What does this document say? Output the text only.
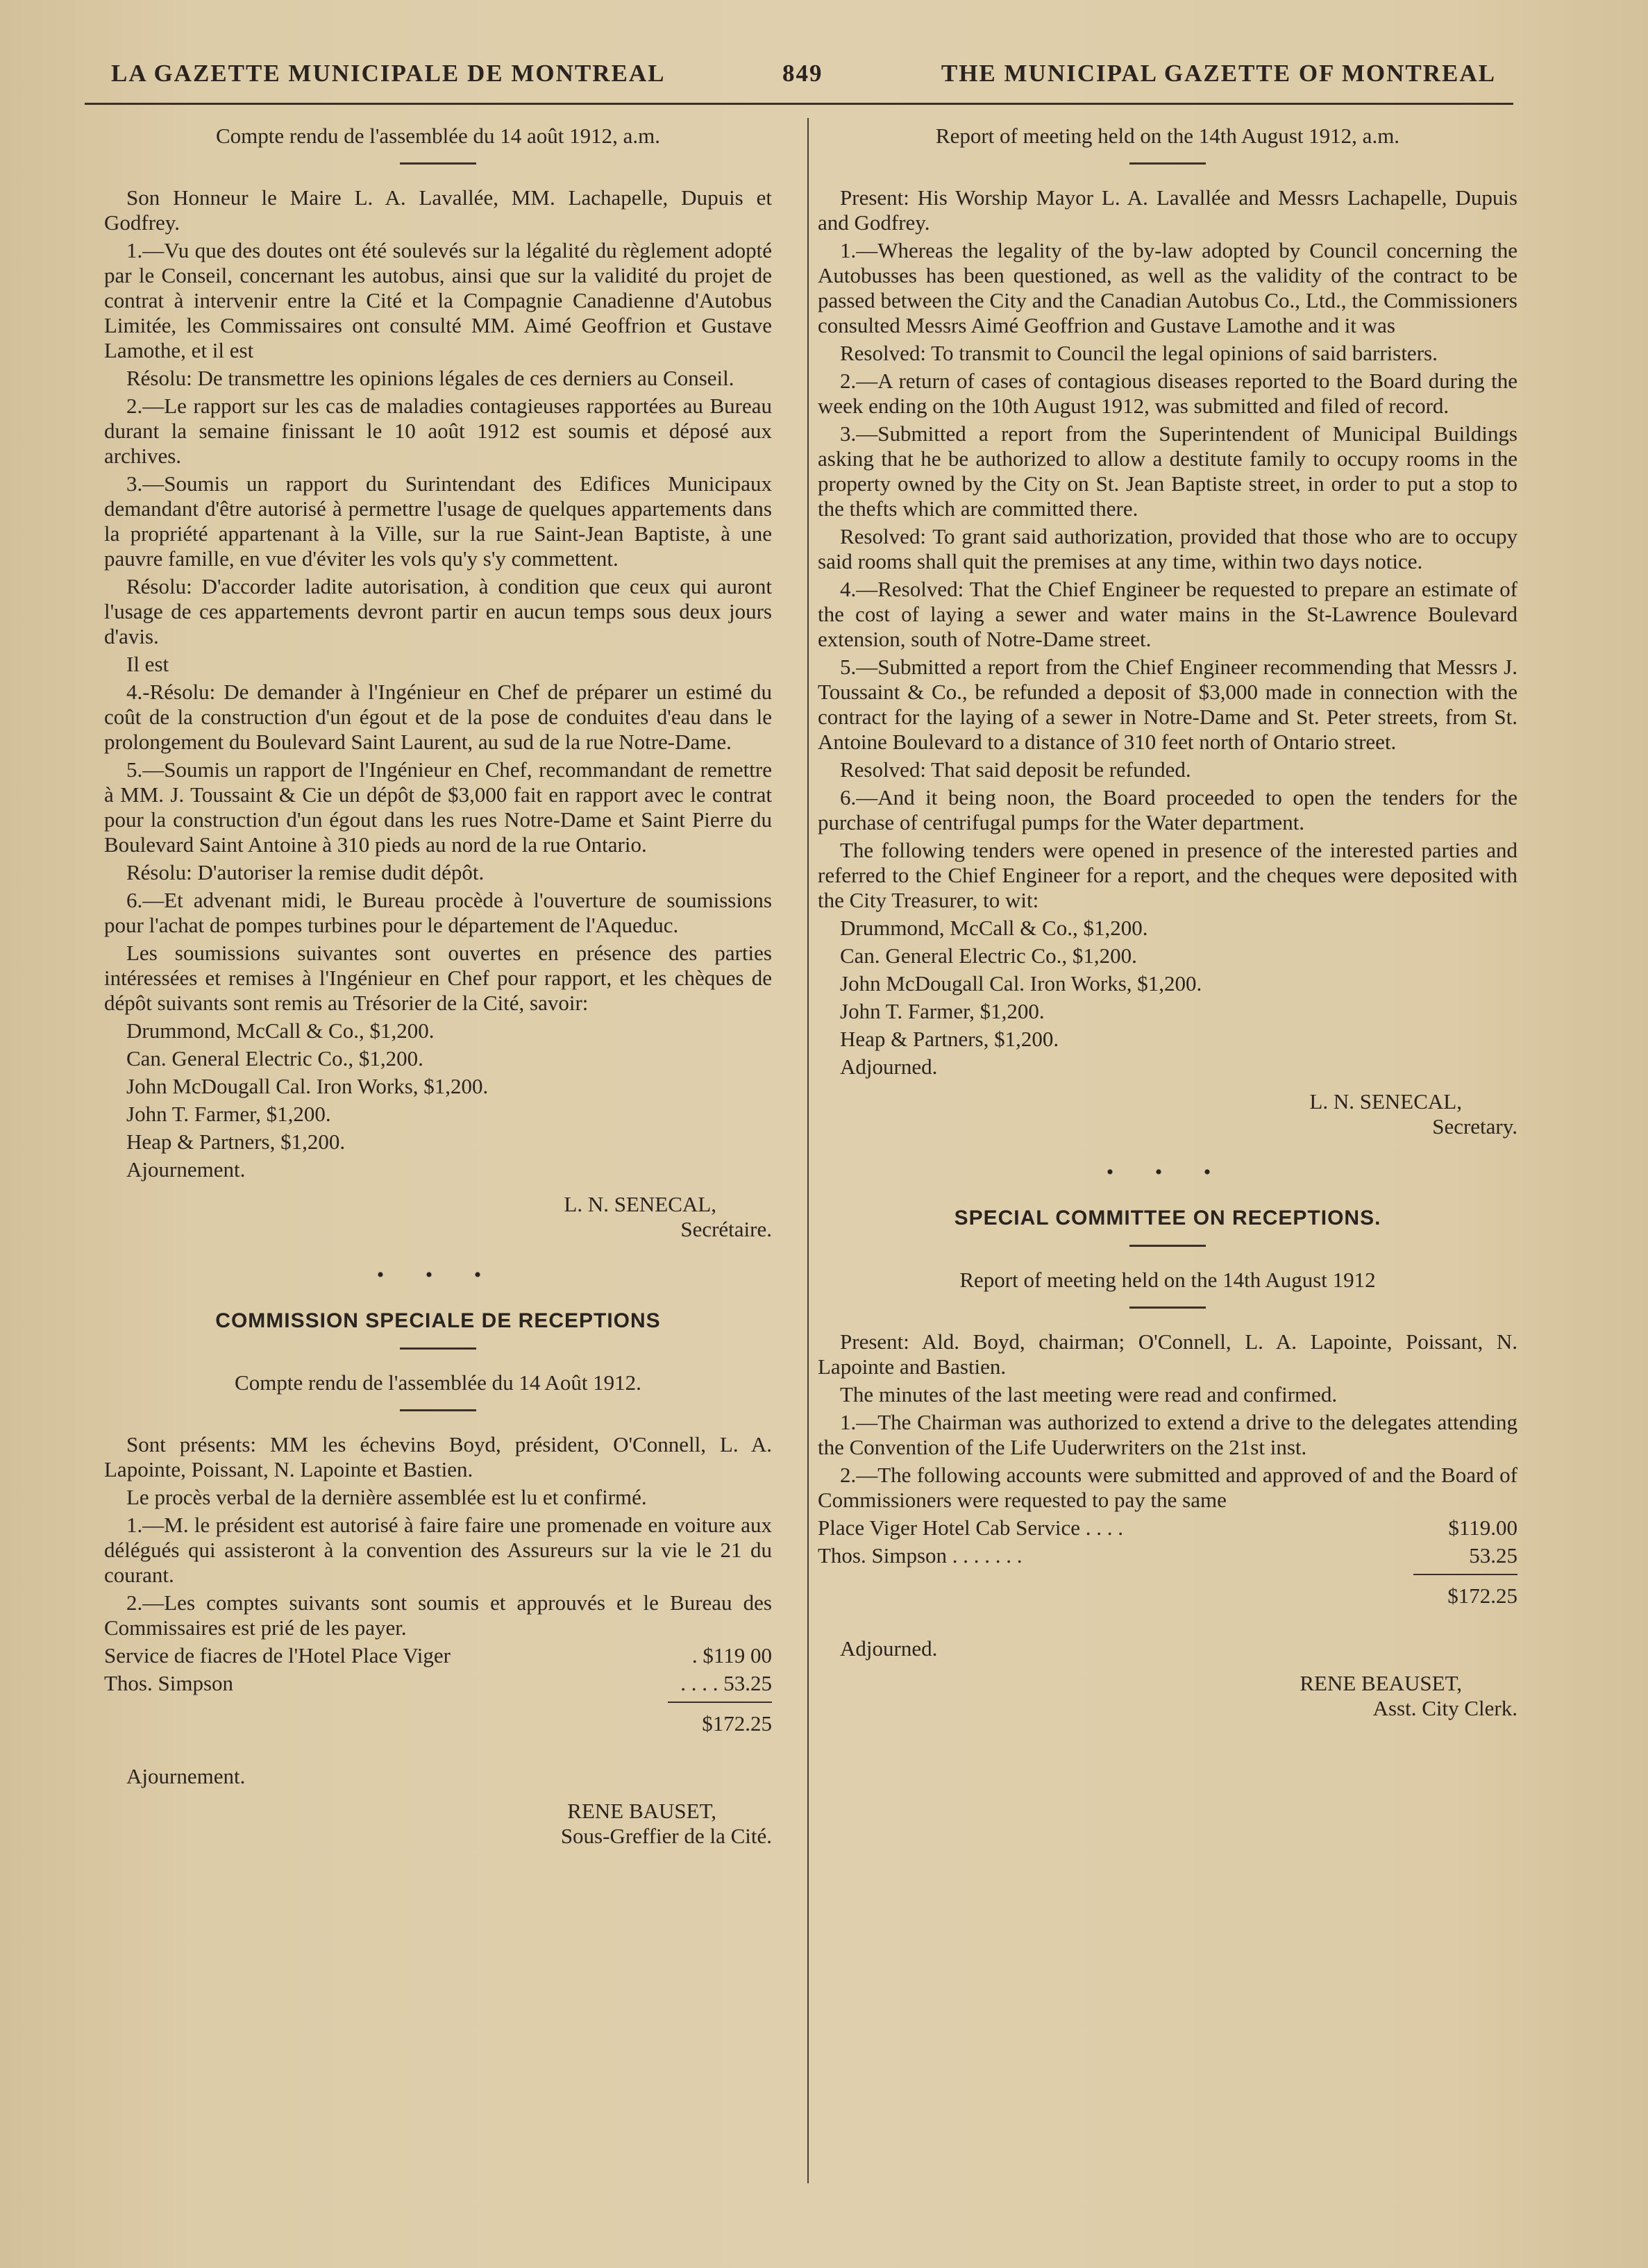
LA GAZETTE MUNICIPALE DE MONTREAL	849	THE MUNICIPAL GAZETTE OF MONTREAL

Compte rendu de l'assemblée du 14 août 1912, a.m.

Son Honneur le Maire L. A. Lavallée, MM. Lachapelle, Dupuis et Godfrey.

1.—Vu que des doutes ont été soulevés sur la légalité du règlement adopté par le Conseil, concernant les autobus, ainsi que sur la validité du projet de contrat à intervenir entre la Cité et la Compagnie Canadienne d'Autobus Limitée, les Commissaires ont consulté MM. Aimé Geoffrion et Gustave Lamothe, et il est

Résolu: De transmettre les opinions légales de ces derniers au Conseil.

2.—Le rapport sur les cas de maladies contagieuses rapportées au Bureau durant la semaine finissant le 10 août 1912 est soumis et déposé aux archives.

3.—Soumis un rapport du Surintendant des Edifices Municipaux demandant d'être autorisé à permettre l'usage de quelques appartements dans la propriété appartenant à la Ville, sur la rue Saint-Jean Baptiste, à une pauvre famille, en vue d'éviter les vols qu'y s'y commettent.

Résolu: D'accorder ladite autorisation, à condition que ceux qui auront l'usage de ces appartements devront partir en aucun temps sous deux jours d'avis.

Il est

4.-Résolu: De demander à l'Ingénieur en Chef de préparer un estimé du coût de la construction d'un égout et de la pose de conduites d'eau dans le prolongement du Boulevard Saint Laurent, au sud de la rue Notre-Dame.

5.—Soumis un rapport de l'Ingénieur en Chef, recommandant de remettre à MM. J. Toussaint & Cie un dépôt de $3,000 fait en rapport avec le contrat pour la construction d'un égout dans les rues Notre-Dame et Saint Pierre du Boulevard Saint Antoine à 310 pieds au nord de la rue Ontario.

Résolu: D'autoriser la remise dudit dépôt.

6.—Et advenant midi, le Bureau procède à l'ouverture de soumissions pour l'achat de pompes turbines pour le département de l'Aqueduc.

Les soumissions suivantes sont ouvertes en présence des parties intéressées et remises à l'Ingénieur en Chef pour rapport, et les chèques de dépôt suivants sont remis au Trésorier de la Cité, savoir:

Drummond, McCall & Co., $1,200.

Can. General Electric Co., $1,200.

John McDougall Cal. Iron Works, $1,200.

John T. Farmer, $1,200.

Heap & Partners, $1,200.

Ajournement.

L. N. SENECAL,
Secrétaire.
• • •
COMMISSION SPECIALE DE RECEPTIONS

Compte rendu de l'assemblée du 14 Août 1912.

Sont présents: MM les échevins Boyd, président, O'Connell, L. A. Lapointe, Poissant, N. Lapointe et Bastien.

Le procès verbal de la dernière assemblée est lu et confirmé.

1.—M. le président est autorisé à faire faire une promenade en voiture aux délégués qui assisteront à la convention des Assureurs sur la vie le 21 du courant.

2.—Les comptes suivants sont soumis et approuvés et le Bureau des Commissaires est prié de les payer.

Service de fiacres de l'Hotel Place Viger	. $119 00
Thos. Simpson	. . . . 53.25
$172.25

Ajournement.

RENE BAUSET,
Sous-Greffier de la Cité.

Report of meeting held on the 14th August 1912, a.m.

Present: His Worship Mayor L. A. Lavallée and Messrs Lachapelle, Dupuis and Godfrey.

1.—Whereas the legality of the by-law adopted by Council concerning the Autobusses has been questioned, as well as the validity of the contract to be passed between the City and the Canadian Autobus Co., Ltd., the Commissioners consulted Messrs Aimé Geoffrion and Gustave Lamothe and it was

Resolved: To transmit to Council the legal opinions of said barristers.

2.—A return of cases of contagious diseases reported to the Board during the week ending on the 10th August 1912, was submitted and filed of record.

3.—Submitted a report from the Superintendent of Municipal Buildings asking that he be authorized to allow a destitute family to occupy rooms in the property owned by the City on St. Jean Baptiste street, in order to put a stop to the thefts which are committed there.

Resolved: To grant said authorization, provided that those who are to occupy said rooms shall quit the premises at any time, within two days notice.

4.—Resolved: That the Chief Engineer be requested to prepare an estimate of the cost of laying a sewer and water mains in the St-Lawrence Boulevard extension, south of Notre-Dame street.

5.—Submitted a report from the Chief Engineer recommending that Messrs J. Toussaint & Co., be refunded a deposit of $3,000 made in connection with the contract for the laying of a sewer in Notre-Dame and St. Peter streets, from St. Antoine Boulevard to a distance of 310 feet north of Ontario street.

Resolved: That said deposit be refunded.

6.—And it being noon, the Board proceeded to open the tenders for the purchase of centrifugal pumps for the Water department.

The following tenders were opened in presence of the interested parties and referred to the Chief Engineer for a report, and the cheques were deposited with the City Treasurer, to wit:

Drummond, McCall & Co., $1,200.

Can. General Electric Co., $1,200.

John McDougall Cal. Iron Works, $1,200.

John T. Farmer, $1,200.

Heap & Partners, $1,200.

Adjourned.

L. N. SENECAL,
Secretary.
• • •
SPECIAL COMMITTEE ON RECEPTIONS.

Report of meeting held on the 14th August 1912

Present: Ald. Boyd, chairman; O'Connell, L. A. Lapointe, Poissant, N. Lapointe and Bastien.

The minutes of the last meeting were read and confirmed.

1.—The Chairman was authorized to extend a drive to the delegates attending the Convention of the Life Uuderwriters on the 21st inst.

2.—The following accounts were submitted and approved of and the Board of Commissioners were requested to pay the same

Place Viger Hotel Cab Service . . . .	$119.00
Thos. Simpson . . . . . . .	53.25
$172.25

Adjourned.

RENE BEAUSET,
Asst. City Clerk.
